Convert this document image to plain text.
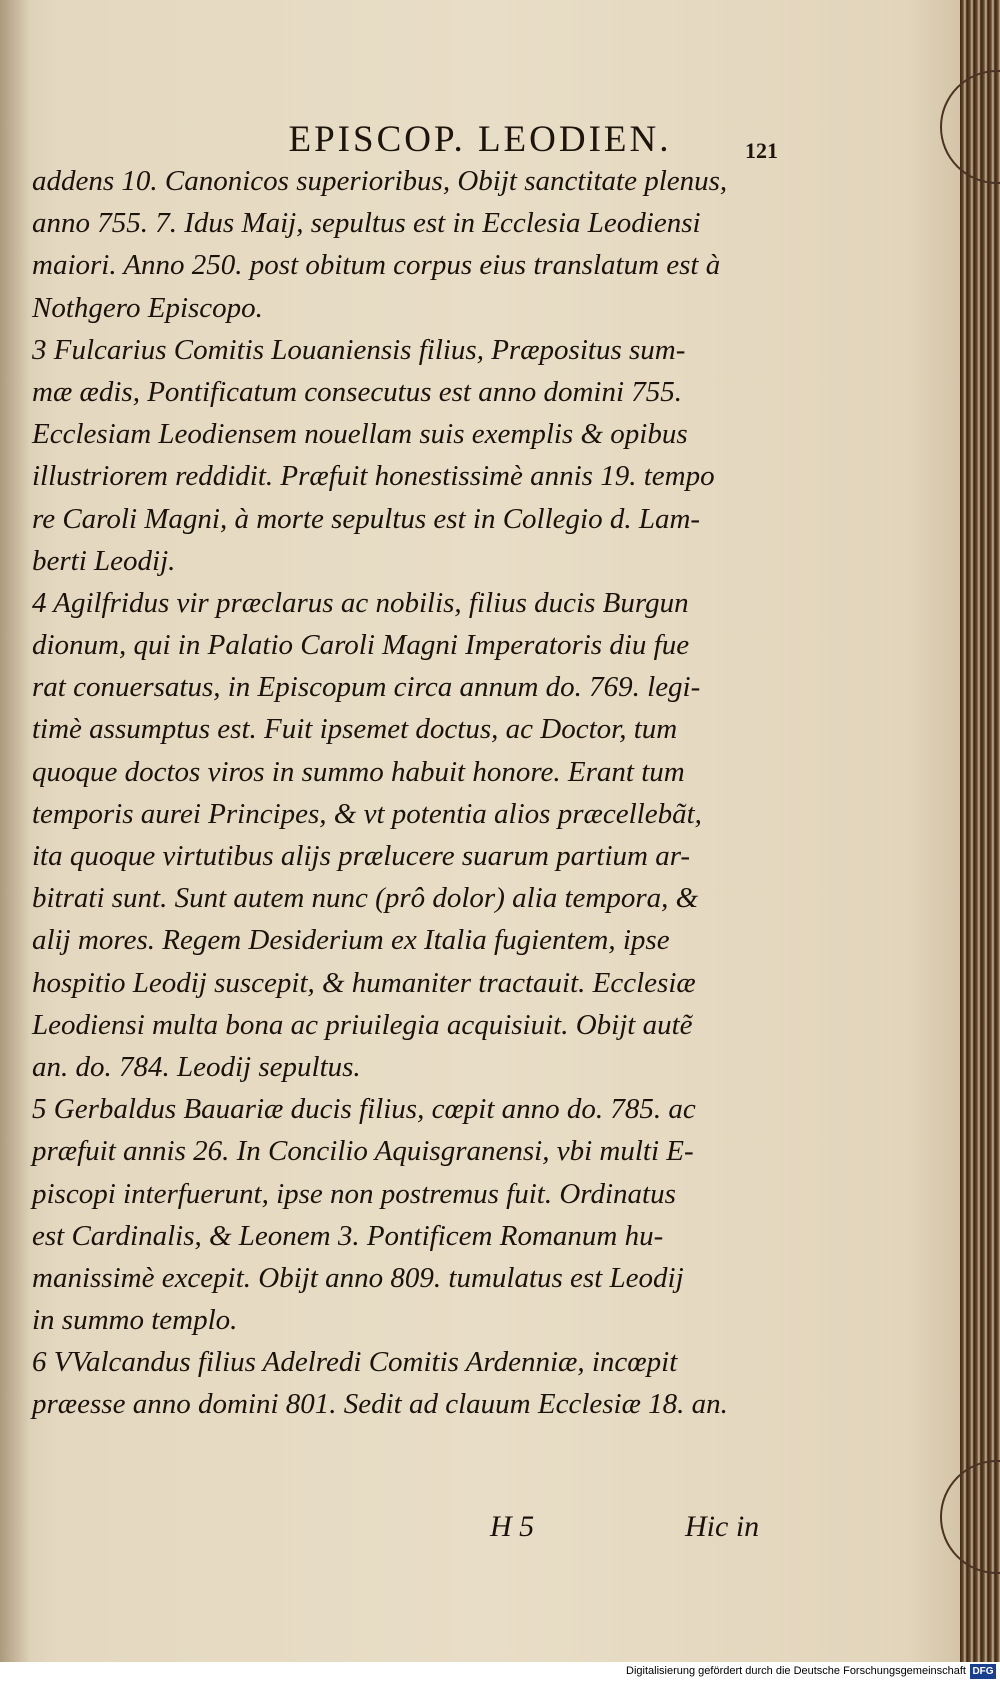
EPISCOP. LEODIEN.	121
addens 10. Canonicos superioribus, Obijt sanctitate plenus,
anno 755. 7. Idus Maij, sepultus est in Ecclesia Leodiensi
maiori. Anno 250. post obitum corpus eius translatum est à
Nothgero Episcopo.
3 Fulcarius Comitis Louaniensis filius, Præpositus sum-
mæ ædis, Pontificatum consecutus est anno domini 755.
Ecclesiam Leodiensem nouellam suis exemplis & opibus
illustriorem reddidit. Præfuit honestissimè annis 19. tempo
re Caroli Magni, à morte sepultus est in Collegio d. Lam-
berti Leodij.
4 Agilfridus vir præclarus ac nobilis, filius ducis Burgun
dionum, qui in Palatio Caroli Magni Imperatoris diu fue
rat conuersatus, in Episcopum circa annum do. 769. legi-
timè assumptus est. Fuit ipsemet doctus, ac Doctor, tum
quoque doctos viros in summo habuit honore. Erant tum
temporis aurei Principes, & vt potentia alios præcellebãt,
ita quoque virtutibus alijs prælucere suarum partium ar-
bitrati sunt. Sunt autem nunc (prô dolor) alia tempora, &
alij mores. Regem Desiderium ex Italia fugientem, ipse
hospitio Leodij suscepit, & humaniter tractauit. Ecclesiæ
Leodiensi multa bona ac priuilegia acquisiuit. Obijt autẽ
an. do. 784. Leodij sepultus.
5 Gerbaldus Bauariæ ducis filius, cœpit anno do. 785. ac
præfuit annis 26. In Concilio Aquisgranensi, vbi multi E-
piscopi interfuerunt, ipse non postremus fuit. Ordinatus
est Cardinalis, & Leonem 3. Pontificem Romanum hu-
manissimè excepit. Obijt anno 809. tumulatus est Leodij
in summo templo.
6 VValcandus filius Adelredi Comitis Ardenniæ, incœpit
præesse anno domini 801. Sedit ad clauum Ecclesiæ 18. an.
H 5	Hic in
Digitalisierung gefördert durch die Deutsche Forschungsgemeinschaft DFG
